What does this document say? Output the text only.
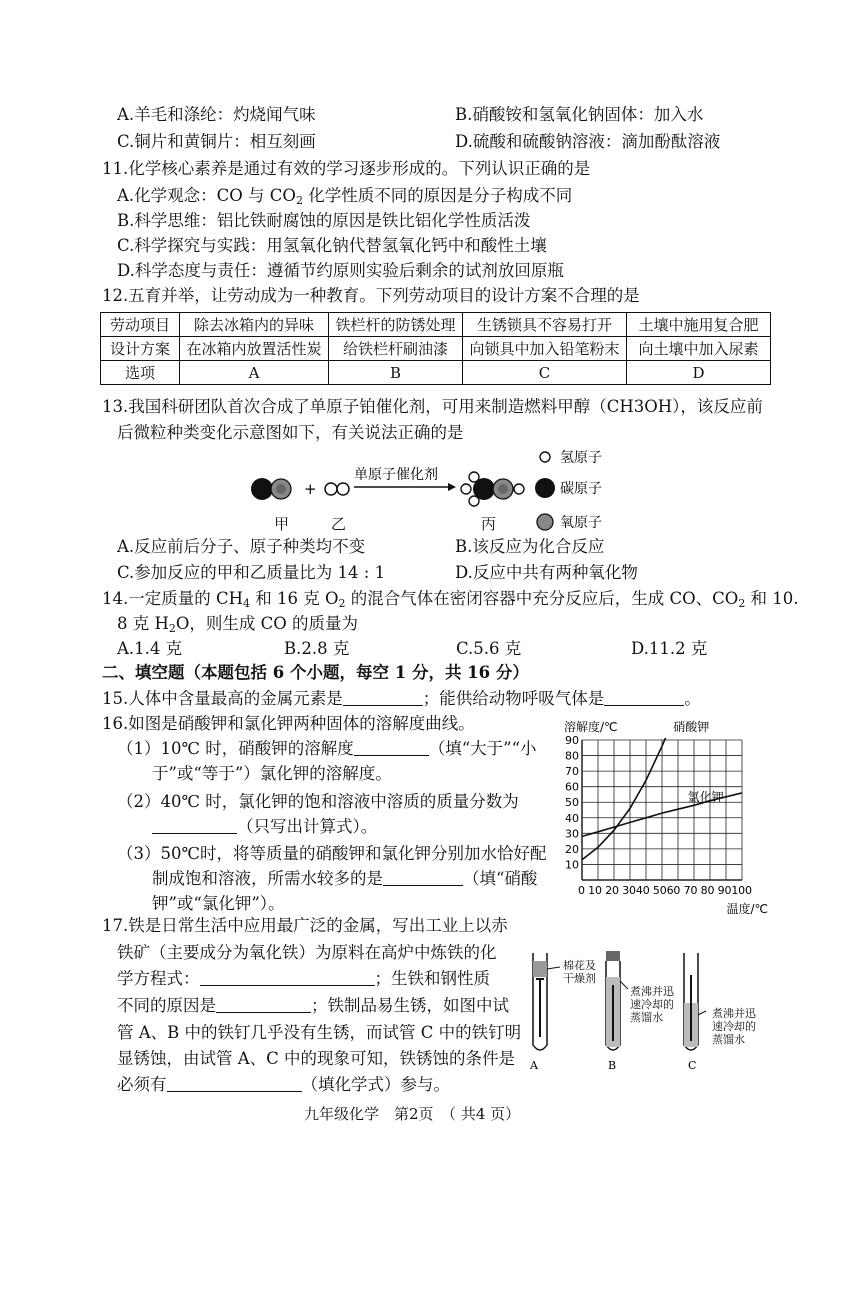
A.羊毛和涤纶：灼烧闻气味	B.硝酸铵和氢氧化钠固体：加入水
C.铜片和黄铜片：相互刻画	D.硫酸和硫酸钠溶液：滴加酚酞溶液
11.化学核心素养是通过有效的学习逐步形成的。下列认识正确的是
A.化学观念：CO 与 $CO_2$ 化学性质不同的原因是分子构成不同
B.科学思维：铝比铁耐腐蚀的原因是铁比铝化学性质活泼
C.科学探究与实践：用氢氧化钠代替氢氧化钙中和酸性土壤
D.科学态度与责任：遵循节约原则实验后剩余的试剂放回原瓶
12.五育并举，让劳动成为一种教育。下列劳动项目的设计方案不合理的是
劳动项目	除去冰箱内的异味	铁栏杆的防锈处理	生锈锁具不容易打开	土壤中施用复合肥
设计方案	在冰箱内放置活性炭	给铁栏杆刷油漆	向锁具中加入铅笔粉末	向土壤中加入尿素
选项	A	B	C	D
13.我国科研团队首次合成了单原子铂催化剂，可用来制造燃料甲醇（CH3OH），该反应前
后微粒种类变化示意图如下，有关说法正确的是
+
单原子催化剂
氢原子
碳原子
氧原子
甲	乙	丙
A.反应前后分子、原子种类均不变	B.该反应为化合反应
C.参加反应的甲和乙质量比为 14 : 1	D.反应中共有两种氧化物
14.一定质量的 $CH_4$ 和 16 克 $O_2$ 的混合气体在密闭容器中充分反应后，生成 CO、$CO_2$ 和 10.
8 克 $H_2O$，则生成 CO 的质量为
A.1.4 克	B.2.8 克	C.5.6 克	D.11.2 克
二、填空题（本题包括 6 个小题，每空 1 分，共 16 分）
15.人体中含量最高的金属元素是	；能供给动物呼吸气体是	。
16.如图是硝酸钾和氯化钾两种固体的溶解度曲线。
（1）10℃ 时，硝酸钾的溶解度	（填“大于”“小
于”或“等于”）氯化钾的溶解度。
（2）40℃ 时，氯化钾的饱和溶液中溶质的质量分数为
（只写出计算式）。
（3）50℃时，将等质量的硝酸钾和氯化钾分别加水恰好配
制成饱和溶液，所需水较多的是	（填“硝酸
钾”或“氯化钾”）。
10
20
30
40
50
60
70
80
90
0 10 20 3040 5060 70 80 90100
溶解度/℃
温度/℃
硝酸钾
氯化钾
17.铁是日常生活中应用最广泛的金属，写出工业上以赤
铁矿（主要成分为氧化铁）为原料在高炉中炼铁的化
学方程式：	；生铁和钢性质
不同的原因是	；铁制品易生锈，如图中试
管 A、B 中的铁钉几乎没有生锈，而试管 C 中的铁钉明
显锈蚀，由试管 A、C 中的现象可知，铁锈蚀的条件是
必须有	（填化学式）参与。
A	B	C
棉花及
干燥剂
煮沸并迅
速冷却的
蒸馏水	煮沸并迅
速冷却的
蒸馏水
九年级化学　第2页　（ 共4 页）
